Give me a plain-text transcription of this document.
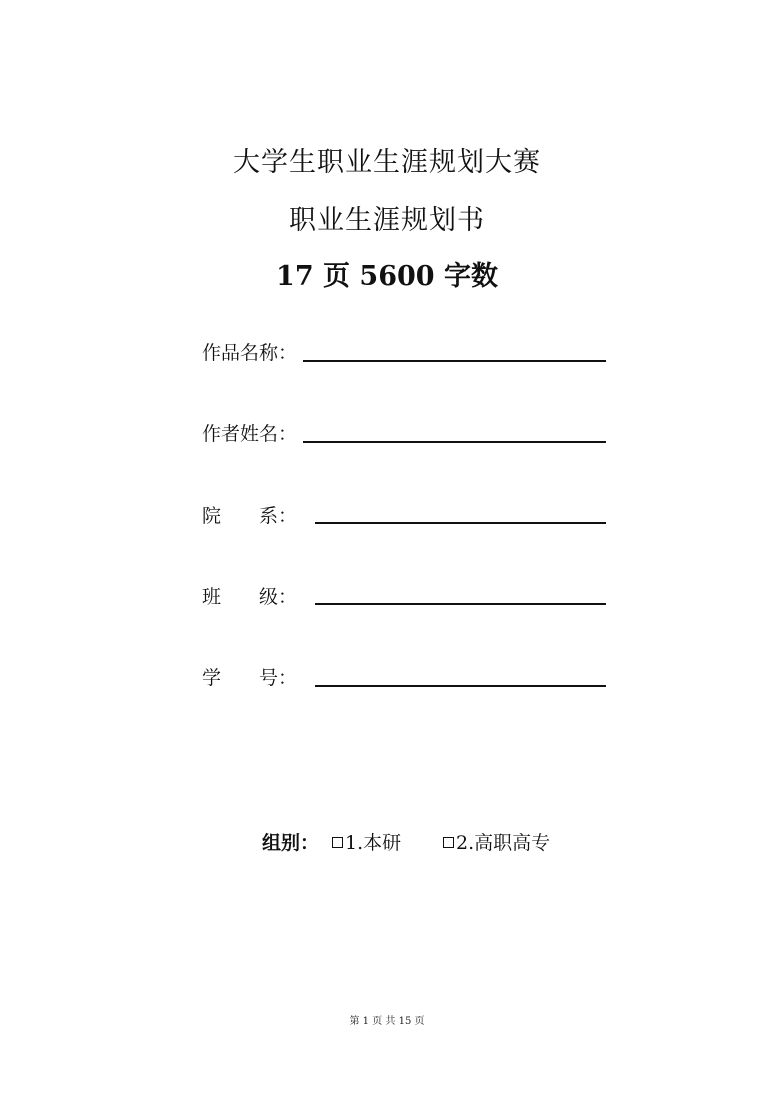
大学生职业生涯规划大赛
职业生涯规划书
17 页 5600 字数
作品名称：
作者姓名：
院　　系：
班　　级：
学　　号：
组别：	1.本研	2.高职高专
第 1 页 共 15 页
